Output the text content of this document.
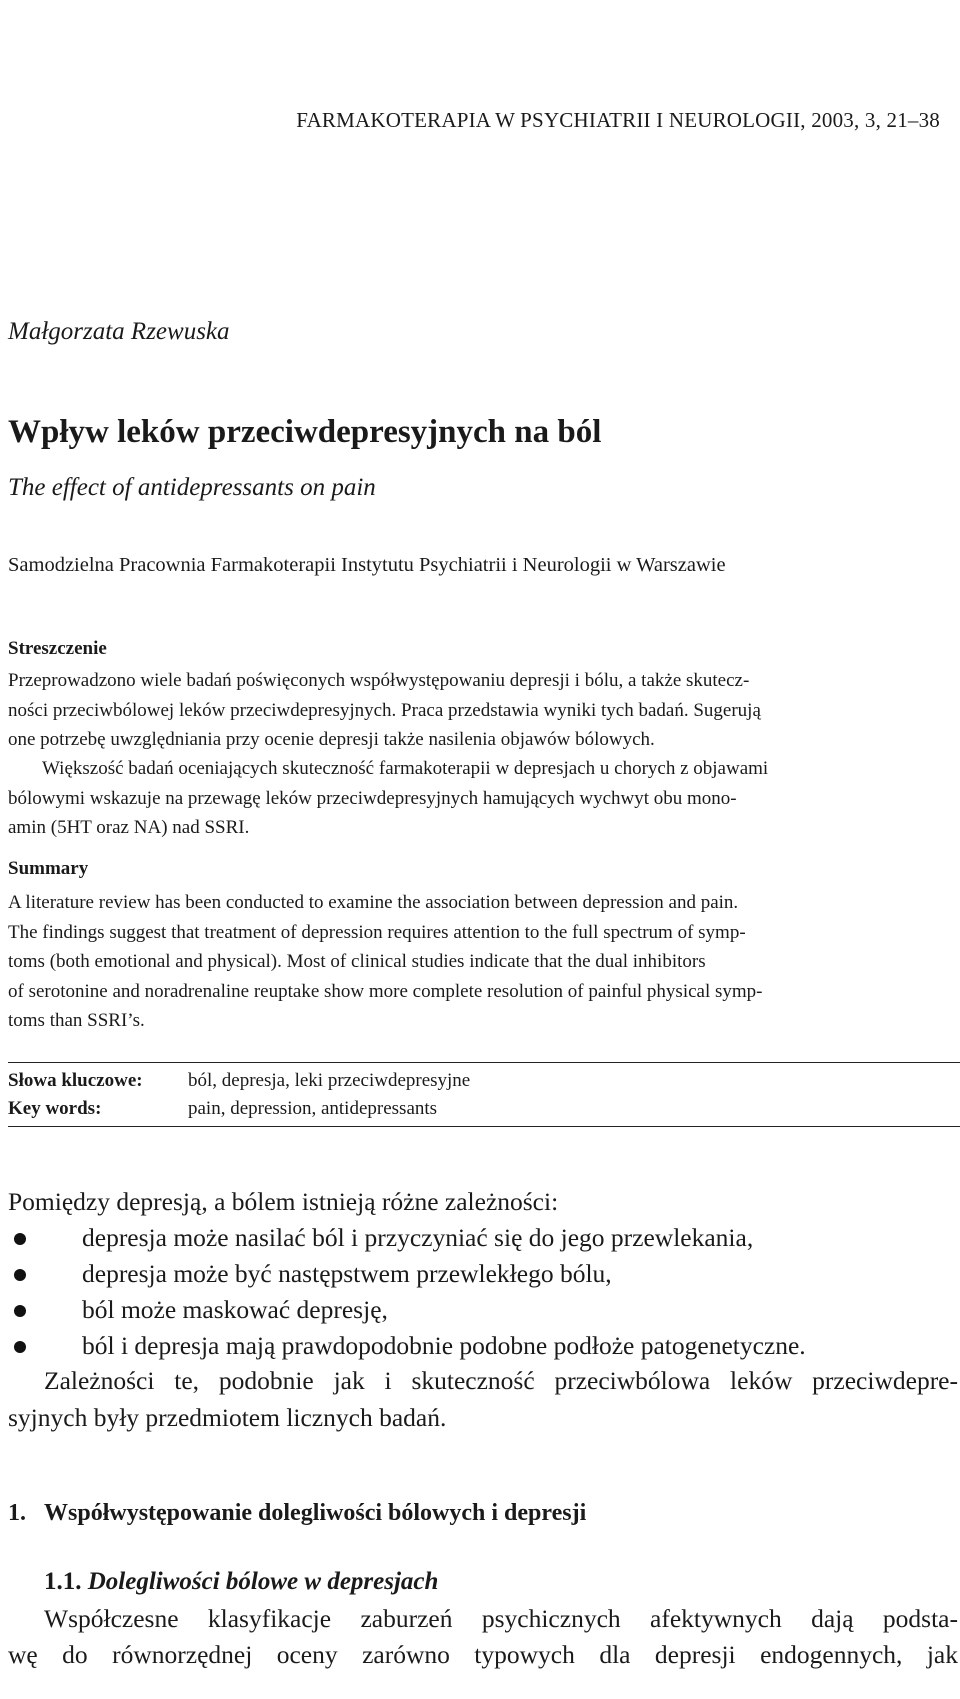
FARMAKOTERAPIA W PSYCHIATRII I NEUROLOGII, 2003, 3, 21–38
Małgorzata Rzewuska
Wpływ leków przeciwdepresyjnych na ból
The effect of antidepressants on pain
Samodzielna Pracownia Farmakoterapii Instytutu Psychiatrii i Neurologii w Warszawie
Streszczenie
Przeprowadzono wiele badań poświęconych współwystępowaniu depresji i bólu, a także skutecz-
ności przeciwbólowej leków przeciwdepresyjnych. Praca przedstawia wyniki tych badań. Sugerują
one potrzebę uwzględniania przy ocenie depresji także nasilenia objawów bólowych.
Większość badań oceniających skuteczność farmakoterapii w depresjach u chorych z objawami
bólowymi wskazuje na przewagę leków przeciwdepresyjnych hamujących wychwyt obu mono-
amin (5HT oraz NA) nad SSRI.
Summary
A literature review has been conducted to examine the association between depression and pain.
The findings suggest that treatment of depression requires attention to the full spectrum of symp-
toms (both emotional and physical). Most of clinical studies indicate that the dual inhibitors
of serotonine and noradrenaline reuptake show more complete resolution of painful physical symp-
toms than SSRI’s.
Słowa kluczowe: ból, depresja, leki przeciwdepresyjne
Key words:	pain, depression, antidepressants
Pomiędzy depresją, a bólem istnieją różne zależności:
depresja może nasilać ból i przyczyniać się do jego przewlekania,
depresja może być następstwem przewlekłego bólu,
ból może maskować depresję,
ból i depresja mają prawdopodobnie podobne podłoże patogenetyczne.
Zależności te, podobnie jak i skuteczność przeciwbólowa leków przeciwdepre-
syjnych były przedmiotem licznych badań.
1. Współwystępowanie dolegliwości bólowych i depresji
1.1. Dolegliwości bólowe w depresjach
Współczesne klasyfikacje zaburzeń psychicznych afektywnych dają podsta-
wę do równorzędnej oceny zarówno typowych dla depresji endogennych, jak
